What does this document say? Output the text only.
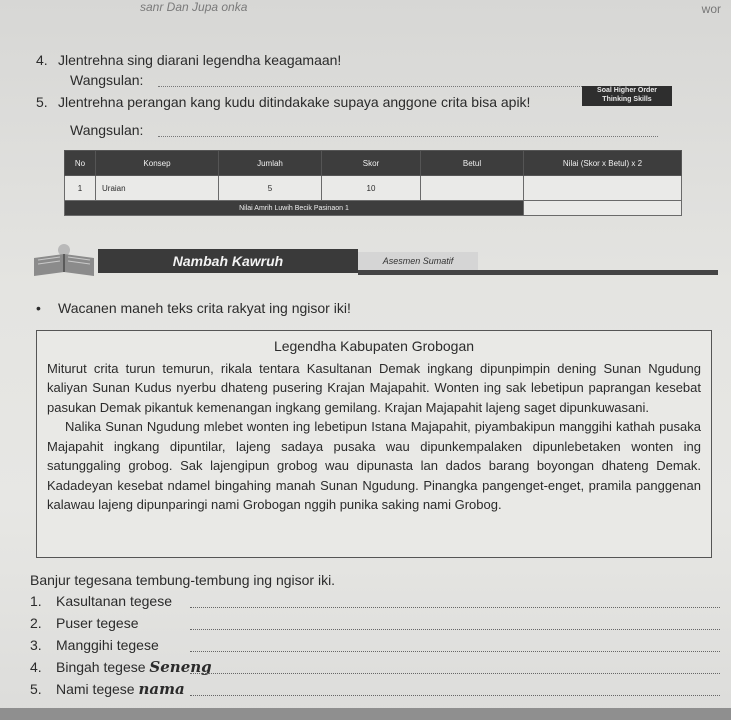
sanr Dan Jupa onka	wor
4. Jlentrehna sing diarani legendha keagamaan!
Wangsulan:
5. Jlentrehna perangan kang kudu ditindakake supaya anggone crita bisa apik!
Wangsulan:
Soal Higher Order
Thinking Skills
No	Konsep	Jumlah	Skor	Betul	Nilai (Skor x Betul) x 2
1	Uraian	5	10		
Nilai Amrih Luwih Becik Pasinaon 1					
Nambah Kawruh	Asesmen Sumatif
• Wacanen maneh teks crita rakyat ing ngisor iki!
Legendha Kabupaten Grobogan

Miturut crita turun temurun, rikala tentara Kasultanan Demak ingkang dipunpimpin dening Sunan Ngudung kaliyan Sunan Kudus nyerbu dhateng pusering Krajan Majapahit. Wonten ing sak lebetipun paprangan kesebat pasukan Demak pikantuk kemenangan ingkang gemilang. Krajan Majapahit lajeng saget dipunkuwasani.

Nalika Sunan Ngudung mlebet wonten ing lebetipun Istana Majapahit, piyambakipun manggihi kathah pusaka Majapahit ingkang dipuntilar, lajeng sadaya pusaka wau dipunkempalaken dipunlebetaken wonten ing satunggaling grobog. Sak lajengipun grobog wau dipunasta lan dados barang boyongan dhateng Demak. Kadadeyan kesebat ndamel bingahing manah Sunan Ngudung. Pinangka pangenget-enget, pramila panggenan kalawau lajeng dipunparingi nami Grobogan nggih punika saking nami Grobog.

Banjur tegesana tembung-tembung ing ngisor iki.
1. Kasultanan tegese
2. Puser tegese
3. Manggihi tegese
4. Bingah tegese Seneng
5. Nami tegese nama
